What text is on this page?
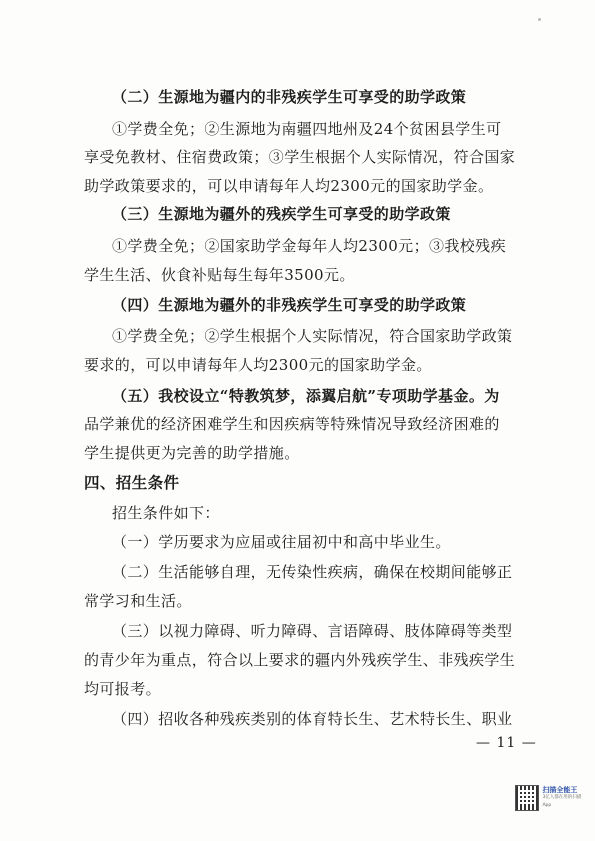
（二）生源地为疆内的非残疾学生可享受的助学政策
①学费全免；②生源地为南疆四地州及24个贫困县学生可
享受免教材、住宿费政策；③学生根据个人实际情况，符合国家
助学政策要求的，可以申请每年人均2300元的国家助学金。
（三）生源地为疆外的残疾学生可享受的助学政策
①学费全免；②国家助学金每年人均2300元；③我校残疾
学生生活、伙食补贴每生每年3500元。
（四）生源地为疆外的非残疾学生可享受的助学政策
①学费全免；②学生根据个人实际情况，符合国家助学政策
要求的，可以申请每年人均2300元的国家助学金。
（五）我校设立“特教筑梦，添翼启航”专项助学基金。为
品学兼优的经济困难学生和因疾病等特殊情况导致经济困难的
学生提供更为完善的助学措施。
四、招生条件
招生条件如下：
（一）学历要求为应届或往届初中和高中毕业生。
（二）生活能够自理，无传染性疾病，确保在校期间能够正
常学习和生活。
（三）以视力障碍、听力障碍、言语障碍、肢体障碍等类型
的青少年为重点，符合以上要求的疆内外残疾学生、非残疾学生
均可报考。
（四）招收各种残疾类别的体育特长生、艺术特长生、职业
— 11 —
扫描全能王
3亿人都在用的扫描App
